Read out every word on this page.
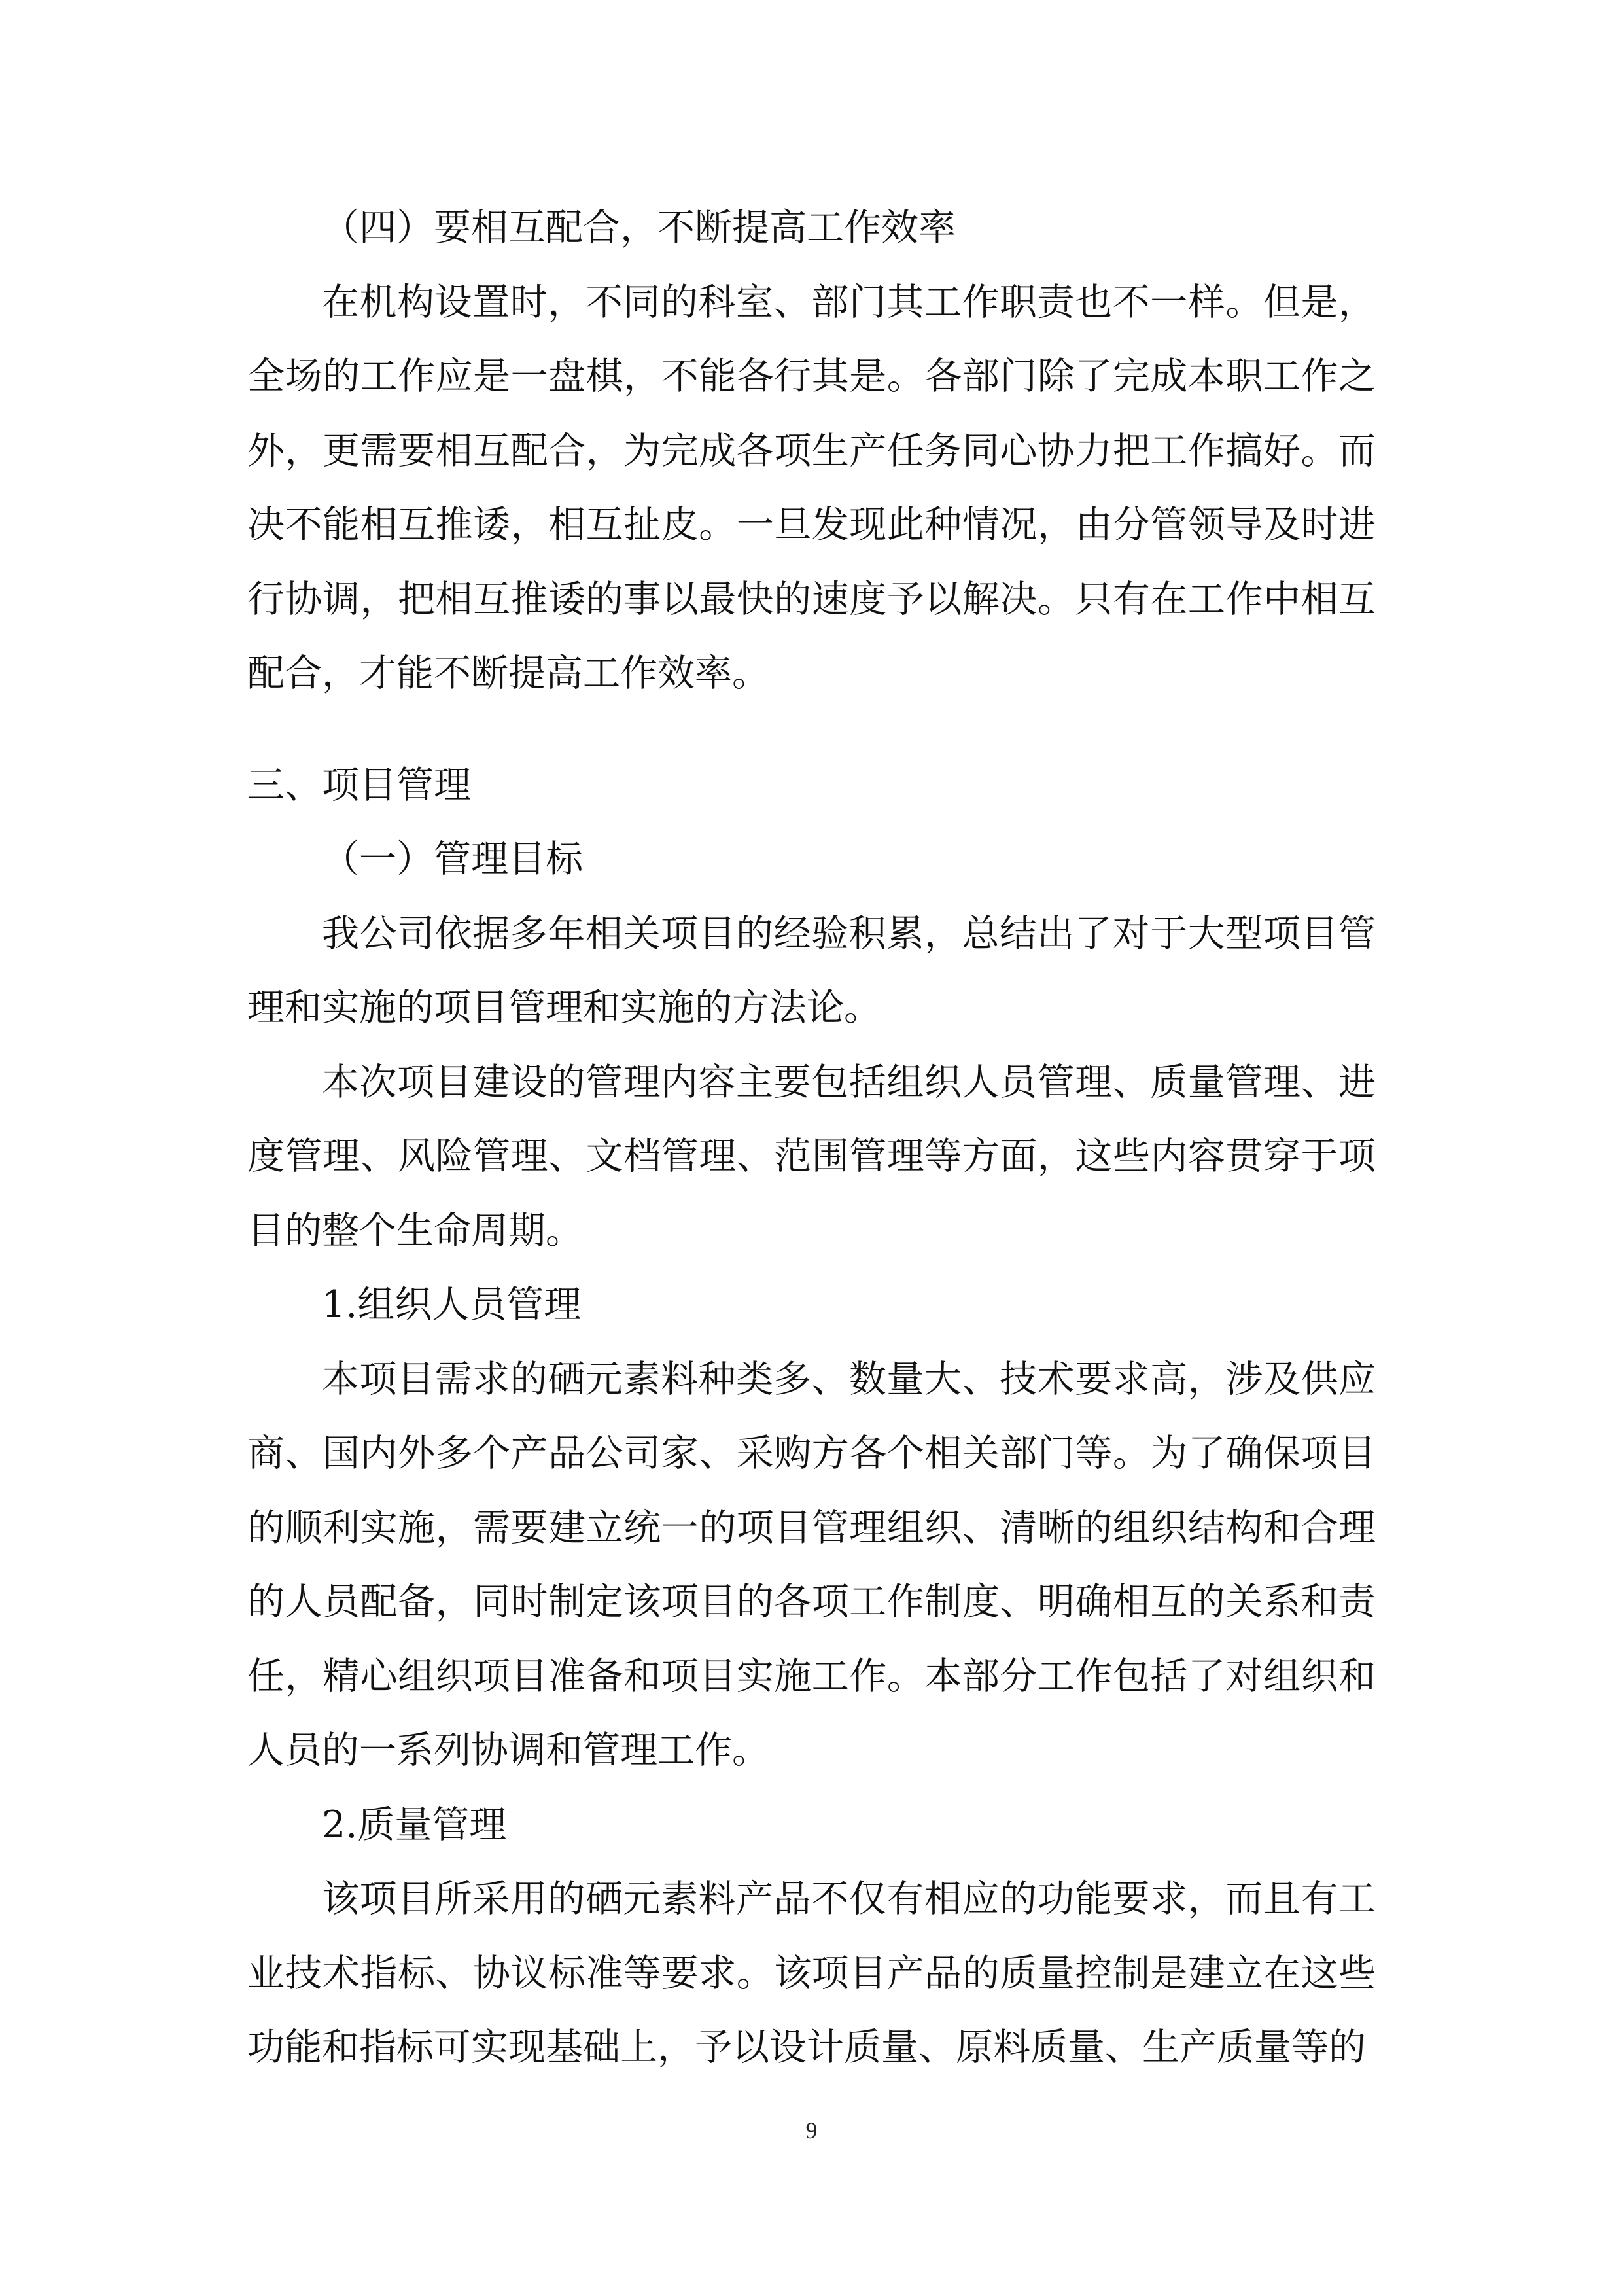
（四）要相互配合，不断提高工作效率

在机构设置时，不同的科室、部门其工作职责也不一样。但是，全场的工作应是一盘棋，不能各行其是。各部门除了完成本职工作之外，更需要相互配合，为完成各项生产任务同心协力把工作搞好。而决不能相互推诿，相互扯皮。一旦发现此种情况，由分管领导及时进行协调，把相互推诿的事以最快的速度予以解决。只有在工作中相互配合，才能不断提高工作效率。

三、项目管理

（一）管理目标

我公司依据多年相关项目的经验积累，总结出了对于大型项目管理和实施的项目管理和实施的方法论。

本次项目建设的管理内容主要包括组织人员管理、质量管理、进度管理、风险管理、文档管理、范围管理等方面，这些内容贯穿于项目的整个生命周期。

1.组织人员管理

本项目需求的硒元素料种类多、数量大、技术要求高，涉及供应商、国内外多个产品公司家、采购方各个相关部门等。为了确保项目的顺利实施，需要建立统一的项目管理组织、清晰的组织结构和合理的人员配备，同时制定该项目的各项工作制度、明确相互的关系和责任，精心组织项目准备和项目实施工作。本部分工作包括了对组织和人员的一系列协调和管理工作。

2.质量管理

该项目所采用的硒元素料产品不仅有相应的功能要求，而且有工业技术指标、协议标准等要求。该项目产品的质量控制是建立在这些功能和指标可实现基础上，予以设计质量、原料质量、生产质量等的

9
